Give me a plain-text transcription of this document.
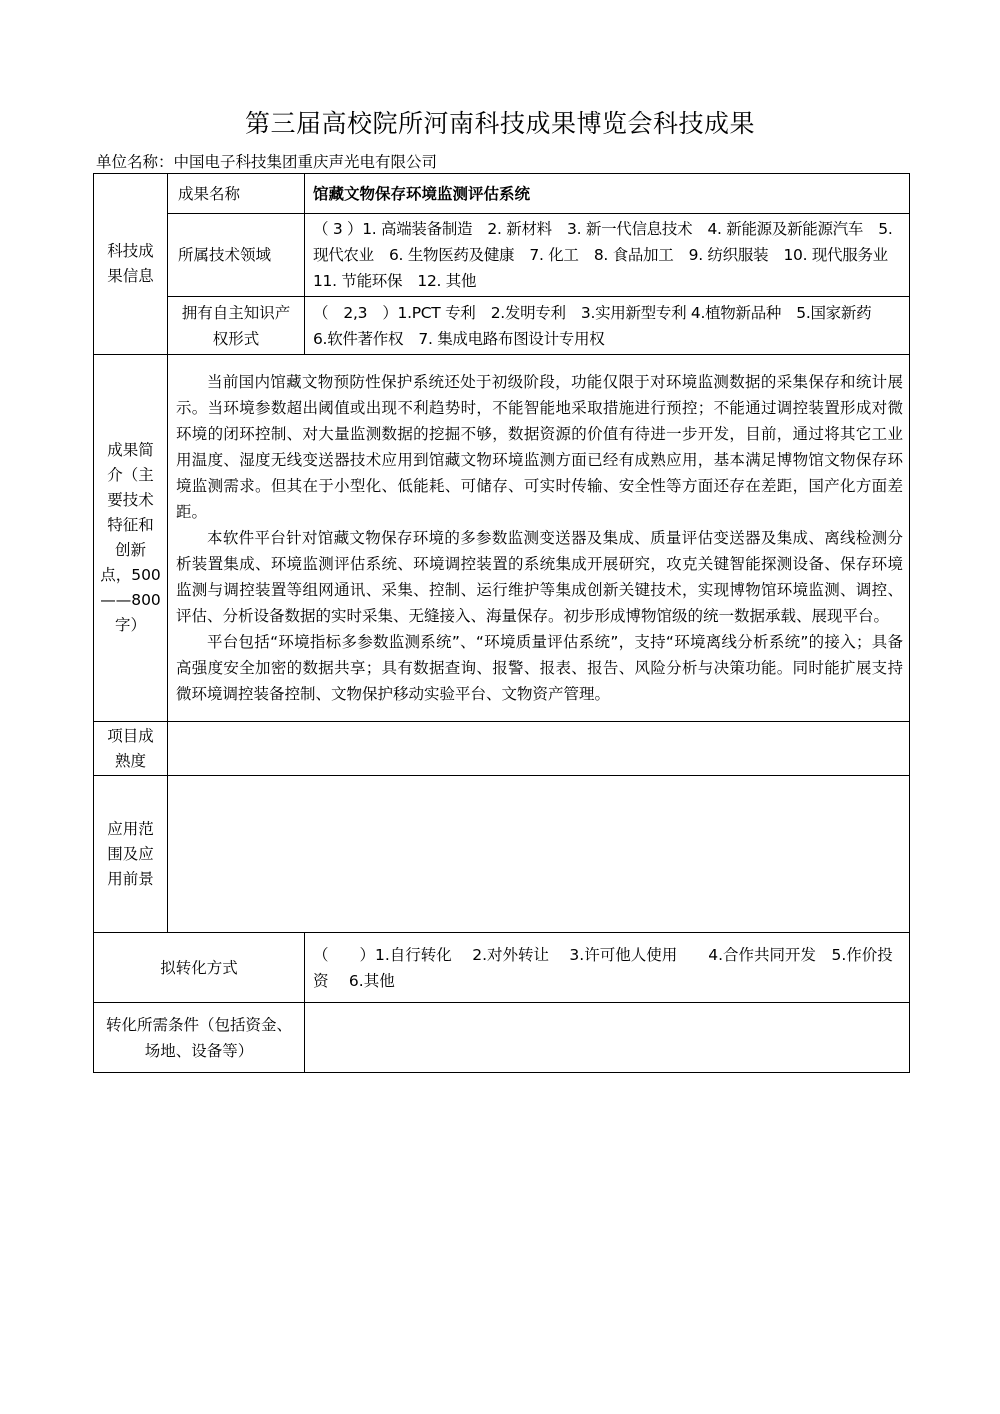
第三届高校院所河南科技成果博览会科技成果
单位名称：中国电子科技集团重庆声光电有限公司
科技成果信息	成果名称	馆藏文物保存环境监测评估系统
	所属技术领域	（ 3 ）1. 高端装备制造　2. 新材料　3. 新一代信息技术　4. 新能源及新能源汽车　5. 现代农业　6. 生物医药及健康　7. 化工　8. 食品加工　9. 纺织服装　10. 现代服务业　11. 节能环保　12. 其他
	拥有自主知识产权形式	（　2,3　）1.PCT 专利　2.发明专利　3.实用新型专利 4.植物新品种　5.国家新药　 6.软件著作权　7. 集成电路布图设计专用权
成果简介（主要技术特征和创新点，500——800字）	当前国内馆藏文物预防性保护系统还处于初级阶段，功能仅限于对环境监测数据的采集保存和统计展示。当环境参数超出阈值或出现不利趋势时，不能智能地采取措施进行预控；不能通过调控装置形成对微环境的闭环控制、对大量监测数据的挖掘不够，数据资源的价值有待进一步开发，目前，通过将其它工业用温度、湿度无线变送器技术应用到馆藏文物环境监测方面已经有成熟应用，基本满足博物馆文物保存环境监测需求。但其在于小型化、低能耗、可储存、可实时传输、安全性等方面还存在差距，国产化方面差距。

本软件平台针对馆藏文物保存环境的多参数监测变送器及集成、质量评估变送器及集成、离线检测分析装置集成、环境监测评估系统、环境调控装置的系统集成开展研究，攻克关键智能探测设备、保存环境监测与调控装置等组网通讯、采集、控制、运行维护等集成创新关键技术，实现博物馆环境监测、调控、评估、分析设备数据的实时采集、无缝接入、海量保存。初步形成博物馆级的统一数据承载、展现平台。

平台包括“环境指标多参数监测系统”、“环境质量评估系统”，支持“环境离线分析系统”的接入；具备高强度安全加密的数据共享；具有数据查询、报警、报表、报告、风险分析与决策功能。同时能扩展支持微环境调控装备控制、文物保护移动实验平台、文物资产管理。	

项目成熟度		
应用范围及应用前景		
拟转化方式		（　　）1.自行转化　 2.对外转让　 3.许可他人使用　　4.合作共同开发　5.作价投资　 6.其他
转化所需条件（包括资金、场地、设备等）		
